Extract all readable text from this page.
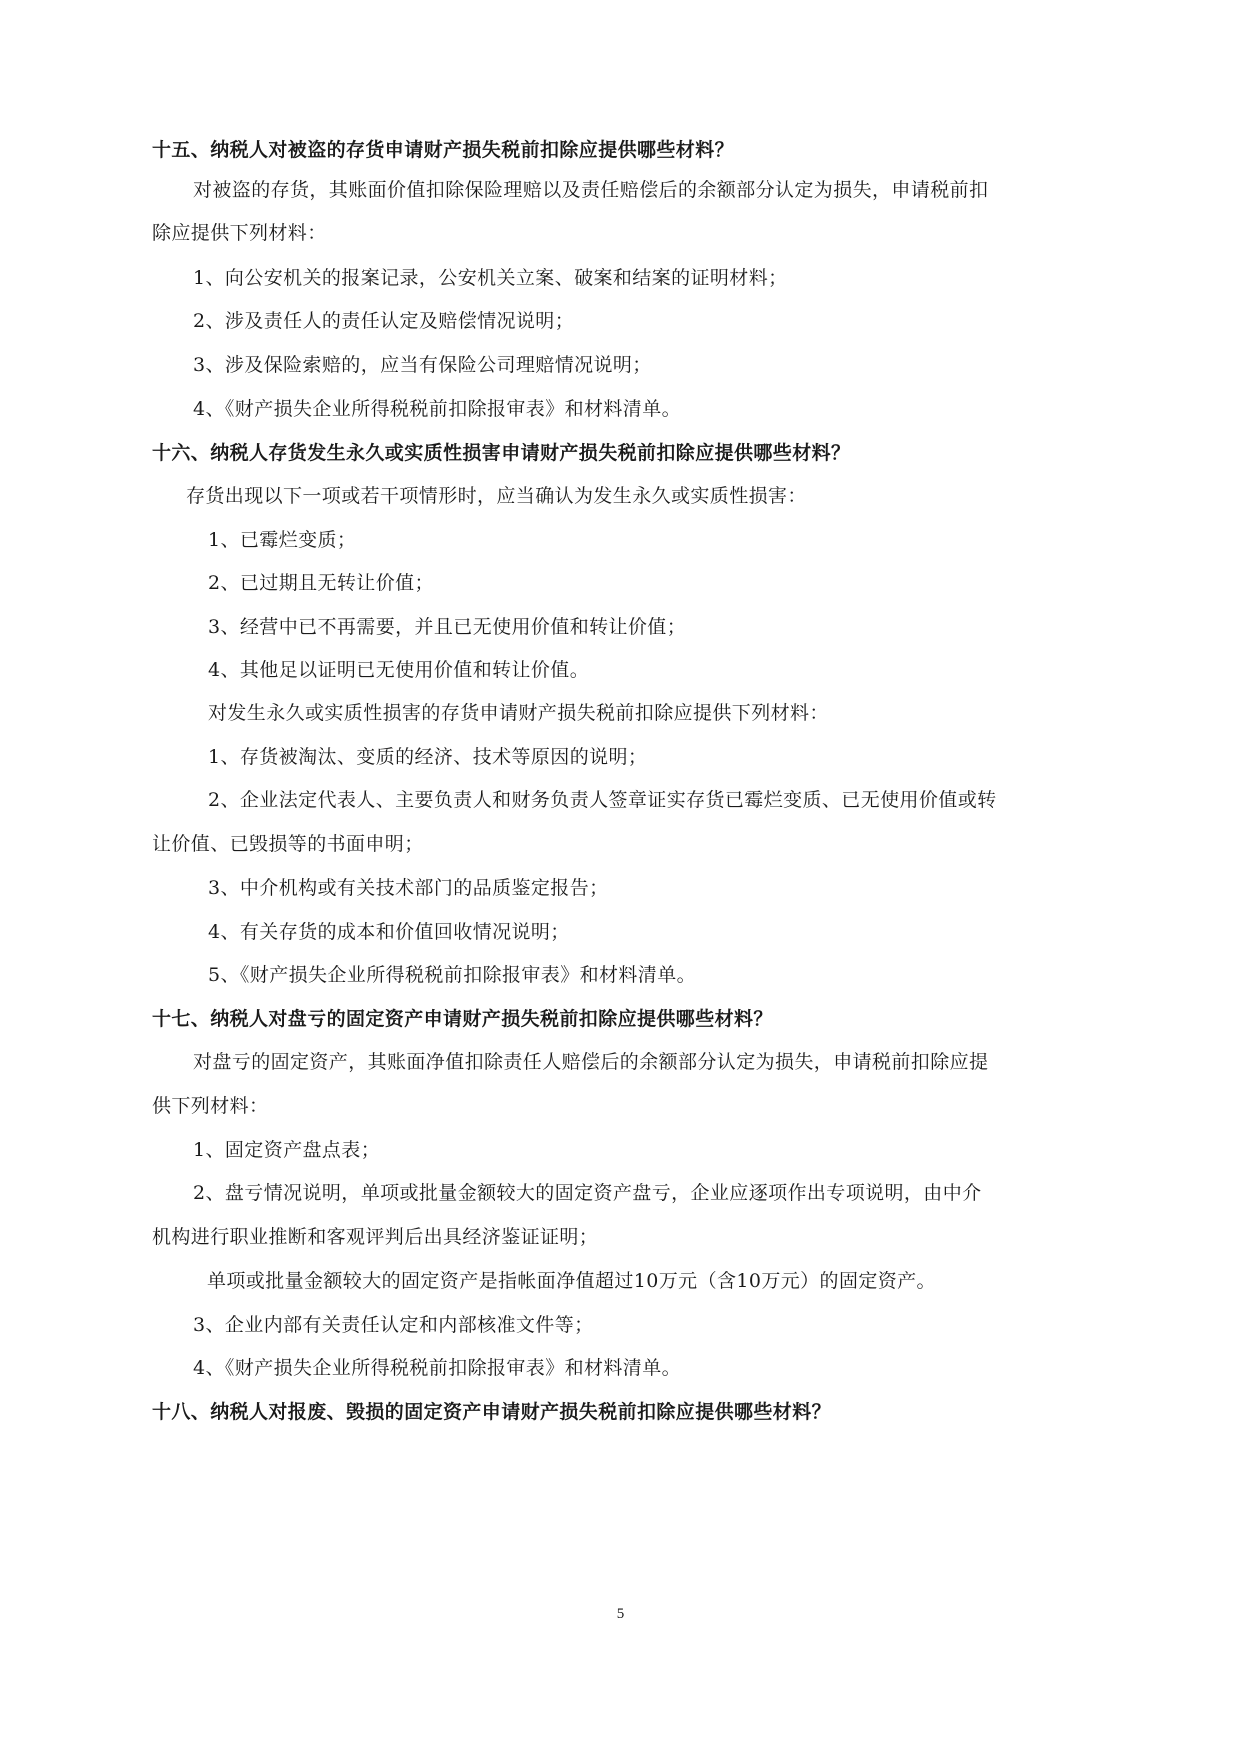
十五、纳税人对被盗的存货申请财产损失税前扣除应提供哪些材料？
对被盗的存货，其账面价值扣除保险理赔以及责任赔偿后的余额部分认定为损失，申请税前扣
除应提供下列材料：
1、向公安机关的报案记录，公安机关立案、破案和结案的证明材料；
2、涉及责任人的责任认定及赔偿情况说明；
3、涉及保险索赔的，应当有保险公司理赔情况说明；
4、《财产损失企业所得税税前扣除报审表》和材料清单。
十六、纳税人存货发生永久或实质性损害申请财产损失税前扣除应提供哪些材料？
存货出现以下一项或若干项情形时，应当确认为发生永久或实质性损害：
1、已霉烂变质；
2、已过期且无转让价值；
3、经营中已不再需要，并且已无使用价值和转让价值；
4、其他足以证明已无使用价值和转让价值。
对发生永久或实质性损害的存货申请财产损失税前扣除应提供下列材料：
1、存货被淘汰、变质的经济、技术等原因的说明；
2、企业法定代表人、主要负责人和财务负责人签章证实存货已霉烂变质、已无使用价值或转
让价值、已毁损等的书面申明；
3、中介机构或有关技术部门的品质鉴定报告；
4、有关存货的成本和价值回收情况说明；
5、《财产损失企业所得税税前扣除报审表》和材料清单。
十七、纳税人对盘亏的固定资产申请财产损失税前扣除应提供哪些材料？
对盘亏的固定资产，其账面净值扣除责任人赔偿后的余额部分认定为损失，申请税前扣除应提
供下列材料：
1、固定资产盘点表；
2、盘亏情况说明，单项或批量金额较大的固定资产盘亏，企业应逐项作出专项说明，由中介
机构进行职业推断和客观评判后出具经济鉴证证明；
单项或批量金额较大的固定资产是指帐面净值超过10万元（含10万元）的固定资产。
3、企业内部有关责任认定和内部核准文件等；
4、《财产损失企业所得税税前扣除报审表》和材料清单。
十八、纳税人对报废、毁损的固定资产申请财产损失税前扣除应提供哪些材料？
5
